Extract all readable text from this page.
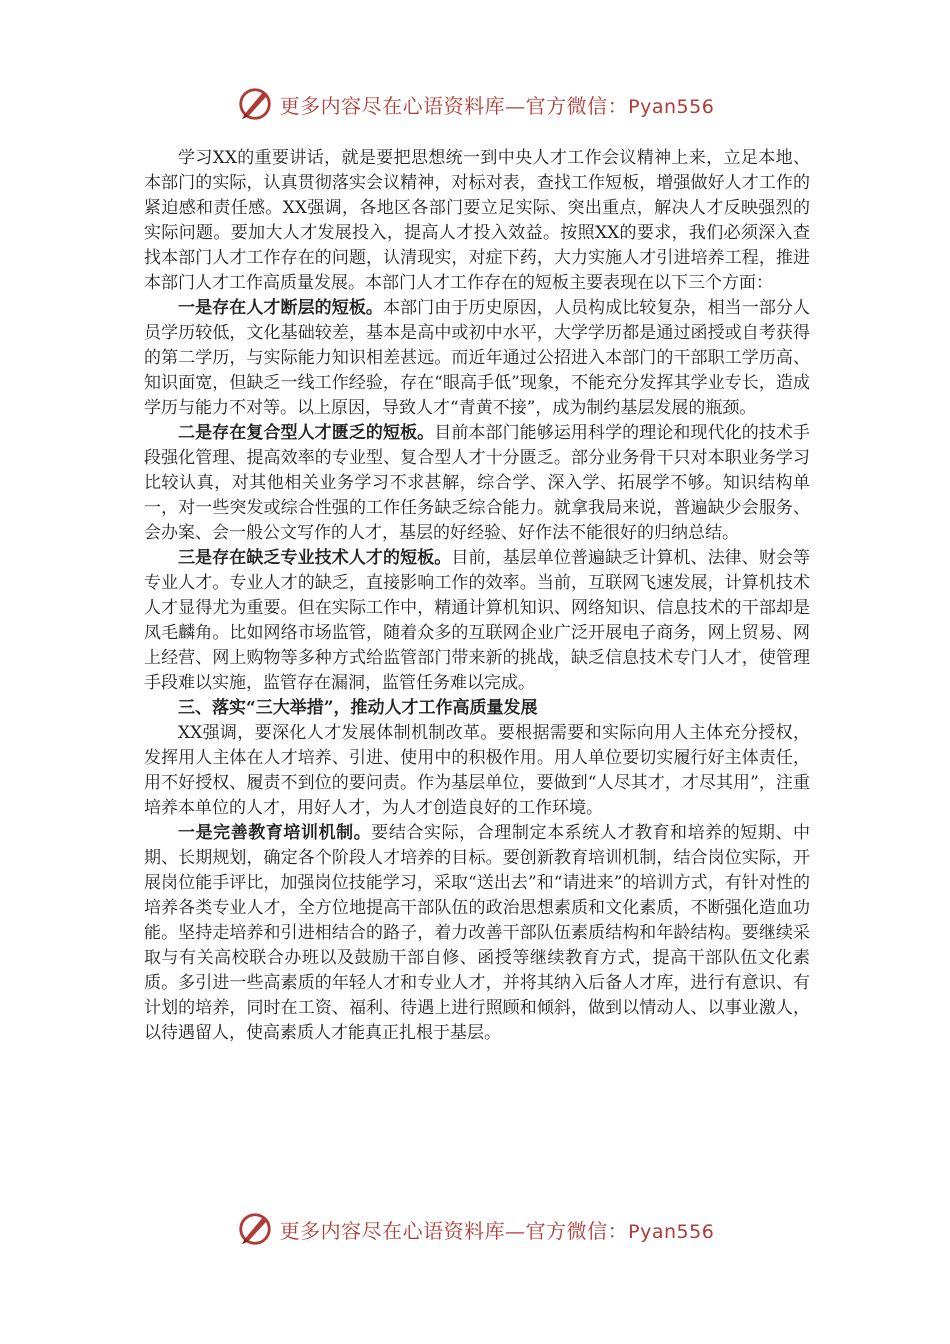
更多内容尽在心语资料库—官方微信：Pyan556

学习XX的重要讲话，就是要把思想统一到中央人才工作会议精神上来，立足本地、本部门的实际，认真贯彻落实会议精神，对标对表，查找工作短板，增强做好人才工作的紧迫感和责任感。XX强调，各地区各部门要立足实际、突出重点，解决人才反映强烈的实际问题。要加大人才发展投入，提高人才投入效益。按照XX的要求，我们必须深入查找本部门人才工作存在的问题，认清现实，对症下药，大力实施人才引进培养工程，推进本部门人才工作高质量发展。本部门人才工作存在的短板主要表现在以下三个方面：

一是存在人才断层的短板。本部门由于历史原因，人员构成比较复杂，相当一部分人员学历较低，文化基础较差，基本是高中或初中水平，大学学历都是通过函授或自考获得的第二学历，与实际能力知识相差甚远。而近年通过公招进入本部门的干部职工学历高、知识面宽，但缺乏一线工作经验，存在“眼高手低”现象，不能充分发挥其学业专长，造成学历与能力不对等。以上原因，导致人才“青黄不接”，成为制约基层发展的瓶颈。

二是存在复合型人才匮乏的短板。目前本部门能够运用科学的理论和现代化的技术手段强化管理、提高效率的专业型、复合型人才十分匮乏。部分业务骨干只对本职业务学习比较认真，对其他相关业务学习不求甚解，综合学、深入学、拓展学不够。知识结构单一，对一些突发或综合性强的工作任务缺乏综合能力。就拿我局来说，普遍缺少会服务、会办案、会一般公文写作的人才，基层的好经验、好作法不能很好的归纳总结。

三是存在缺乏专业技术人才的短板。目前，基层单位普遍缺乏计算机、法律、财会等专业人才。专业人才的缺乏，直接影响工作的效率。当前，互联网飞速发展，计算机技术人才显得尤为重要。但在实际工作中，精通计算机知识、网络知识、信息技术的干部却是凤毛麟角。比如网络市场监管，随着众多的互联网企业广泛开展电子商务，网上贸易、网上经营、网上购物等多种方式给监管部门带来新的挑战，缺乏信息技术专门人才，使管理手段难以实施，监管存在漏洞，监管任务难以完成。

三、落实“三大举措”，推动人才工作高质量发展

XX强调，要深化人才发展体制机制改革。要根据需要和实际向用人主体充分授权，发挥用人主体在人才培养、引进、使用中的积极作用。用人单位要切实履行好主体责任，用不好授权、履责不到位的要问责。作为基层单位，要做到“人尽其才，才尽其用”，注重培养本单位的人才，用好人才，为人才创造良好的工作环境。

一是完善教育培训机制。要结合实际，合理制定本系统人才教育和培养的短期、中期、长期规划，确定各个阶段人才培养的目标。要创新教育培训机制，结合岗位实际，开展岗位能手评比，加强岗位技能学习，采取“送出去”和“请进来”的培训方式，有针对性的培养各类专业人才，全方位地提高干部队伍的政治思想素质和文化素质，不断强化造血功能。坚持走培养和引进相结合的路子，着力改善干部队伍素质结构和年龄结构。要继续采取与有关高校联合办班以及鼓励干部自修、函授等继续教育方式，提高干部队伍文化素质。多引进一些高素质的年轻人才和专业人才，并将其纳入后备人才库，进行有意识、有计划的培养，同时在工资、福利、待遇上进行照顾和倾斜，做到以情动人、以事业激人，以待遇留人，使高素质人才能真正扎根于基层。

更多内容尽在心语资料库—官方微信：Pyan556
